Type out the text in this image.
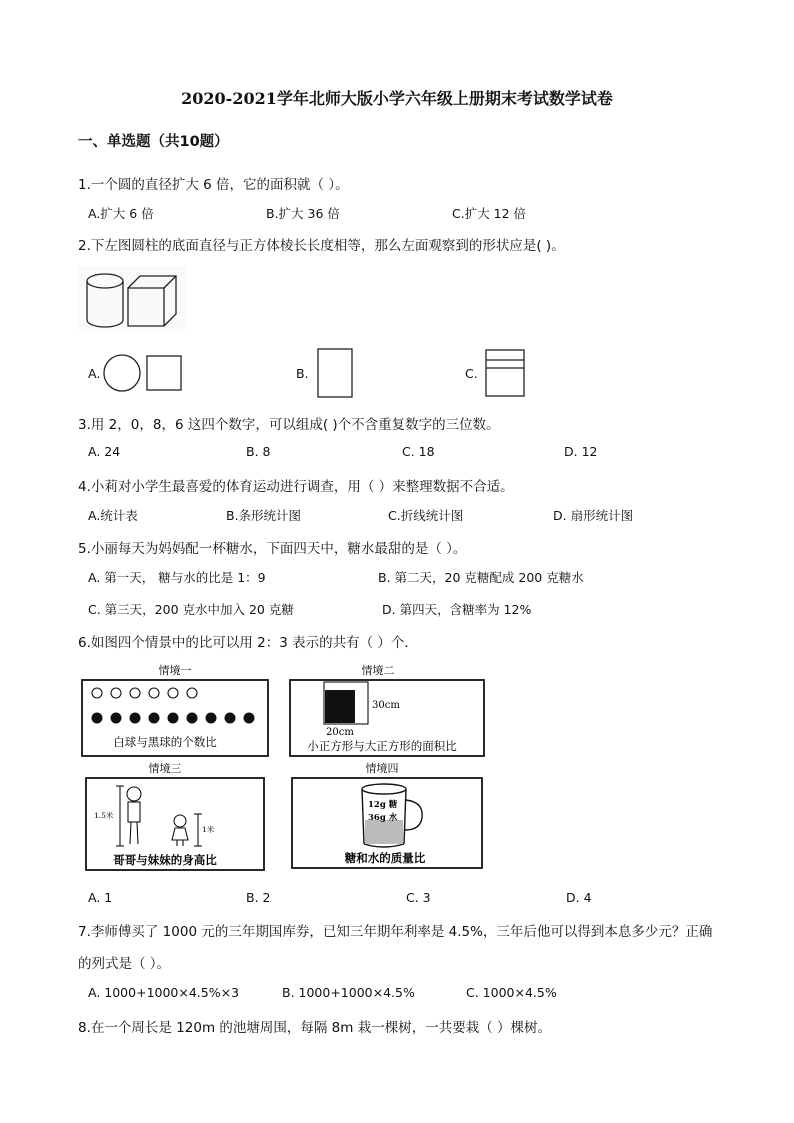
2020-2021学年北师大版小学六年级上册期末考试数学试卷
一、单选题（共10题）
1.一个圆的直径扩大 6 倍，它的面积就（ ）。
A.扩大 6 倍	B.扩大 36 倍	C.扩大 12 倍
2.下左图圆柱的底面直径与正方体棱长长度相等，那么左面观察到的形状应是( )。
A.	B.	C.
3.用 2，0，8，6 这四个数字，可以组成( )个不含重复数字的三位数。
A. 24	B. 8	C. 18	D. 12
4.小莉对小学生最喜爱的体育运动进行调查，用（ ）来整理数据不合适。
A.统计表	B.条形统计图	C.折线统计图	D. 扇形统计图
5.小丽每天为妈妈配一杯糖水，下面四天中，糖水最甜的是（ ）。
A. 第一天， 糖与水的比是 1：9	B. 第二天，20 克糖配成 200 克糖水
C. 第三天，200 克水中加入 20 克糖	D. 第四天，含糖率为 12%
6.如图四个情景中的比可以用 2：3 表示的共有（ ）个．
情境一
白球与黑球的个数比
情境二
30cm
20cm
小正方形与大正方形的面积比
情境三
1.5米
1米
哥哥与妹妹的身高比
情境四
12g 糖
36g 水
糖和水的质量比
A. 1	B. 2	C. 3	D. 4
7.李师傅买了 1000 元的三年期国库券，已知三年期年利率是 4.5%，三年后他可以得到本息多少元？正确
的列式是（ ）。
A. 1000+1000×4.5%×3	B. 1000+1000×4.5%	C. 1000×4.5%
8.在一个周长是 120m 的池塘周围，每隔 8m 栽一棵树，一共要栽（ ）棵树。
